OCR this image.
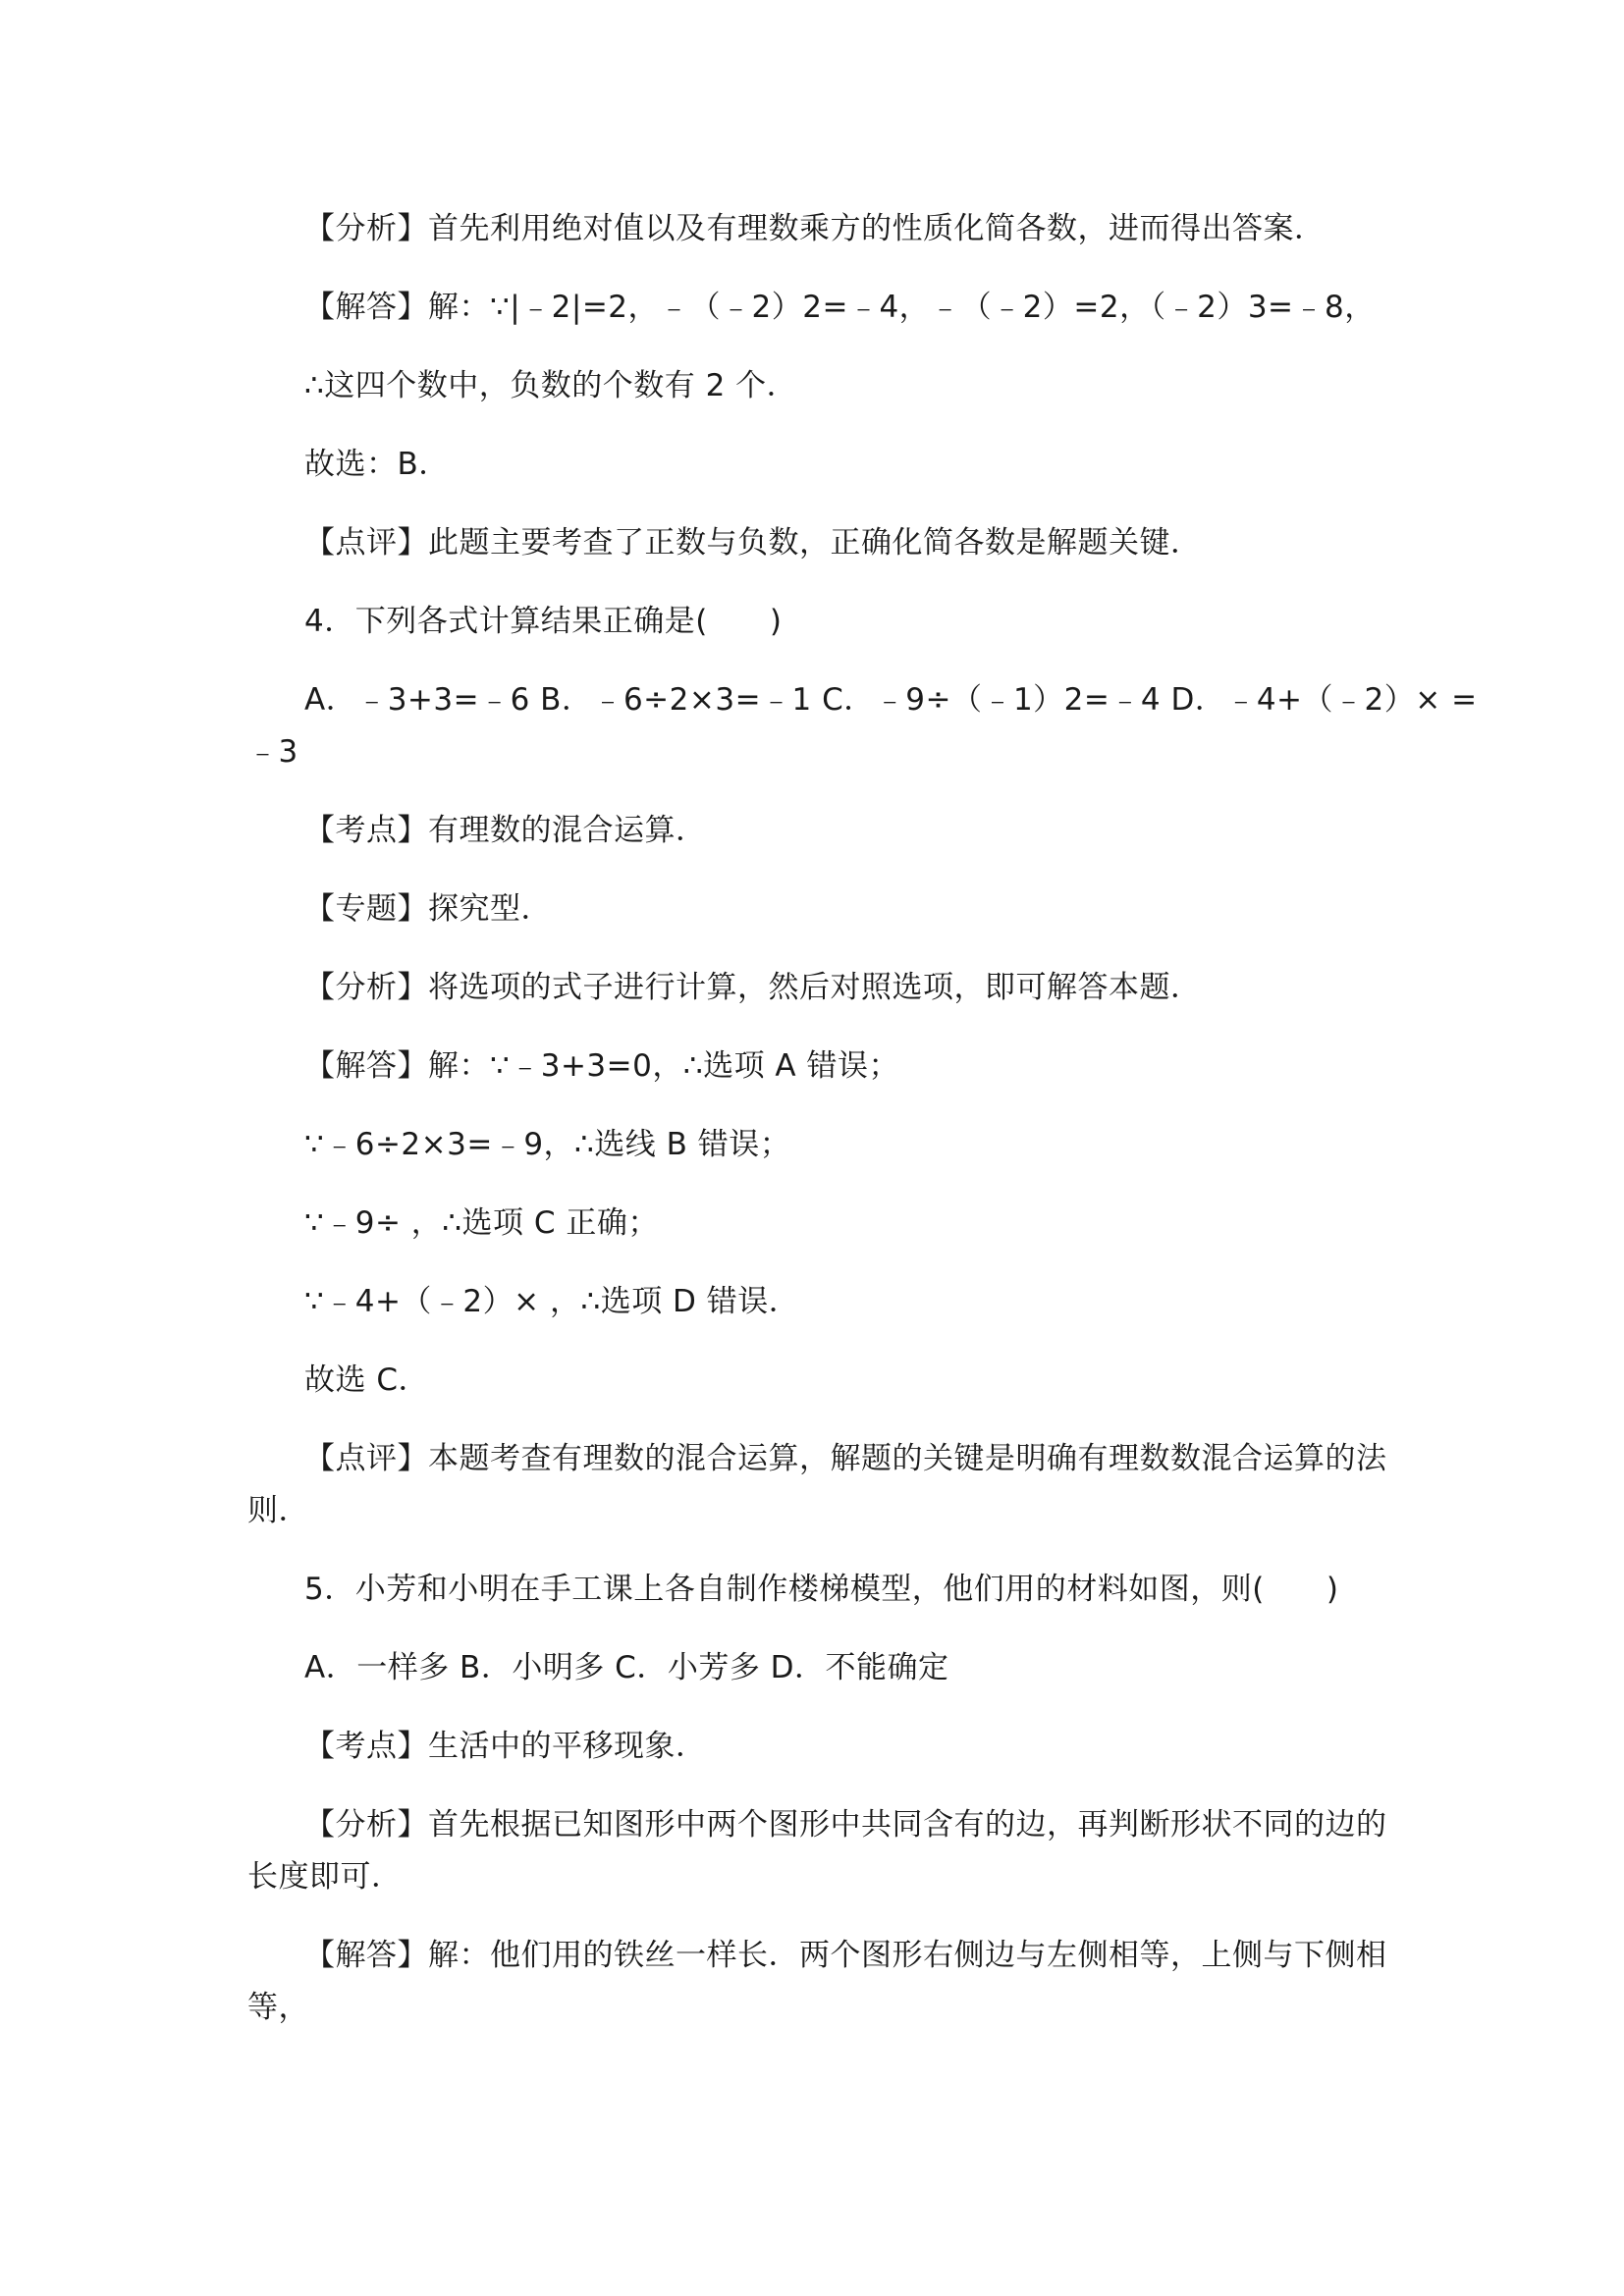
【分析】首先利用绝对值以及有理数乘方的性质化简各数，进而得出答案．
【解答】解：∵|﹣2|=2，﹣（﹣2）2=﹣4，﹣（﹣2）=2，（﹣2）3=﹣8，
∴这四个数中，负数的个数有 2 个．
故选：B．
【点评】此题主要考查了正数与负数，正确化简各数是解题关键．
4．下列各式计算结果正确是(　　)
A．﹣3+3=﹣6 B．﹣6÷2×3=﹣1 C．﹣9÷（﹣1）2=﹣4 D．﹣4+（﹣2）× =
﹣3
【考点】有理数的混合运算．
【专题】探究型．
【分析】将选项的式子进行计算，然后对照选项，即可解答本题．
【解答】解：∵﹣3+3=0，∴选项 A 错误；
∵﹣6÷2×3=﹣9，∴选线 B 错误；
∵﹣9÷ ，∴选项 C 正确；
∵﹣4+（﹣2）× ，∴选项 D 错误．
故选 C．
【点评】本题考查有理数的混合运算，解题的关键是明确有理数数混合运算的法
则．
5．小芳和小明在手工课上各自制作楼梯模型，他们用的材料如图，则(　　)
A．一样多 B．小明多 C．小芳多 D．不能确定
【考点】生活中的平移现象．
【分析】首先根据已知图形中两个图形中共同含有的边，再判断形状不同的边的
长度即可．
【解答】解：他们用的铁丝一样长．两个图形右侧边与左侧相等，上侧与下侧相
等，
